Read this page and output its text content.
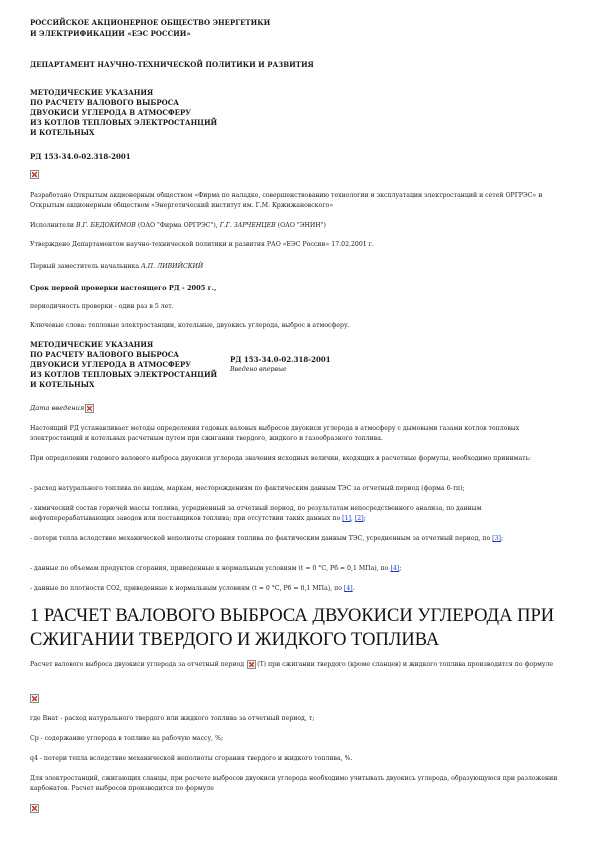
РОССИЙСКОЕ АКЦИОНЕРНОЕ ОБЩЕСТВО ЭНЕРГЕТИКИ
И ЭЛЕКТРИФИКАЦИИ «ЕЭС РОССИИ»
ДЕПАРТАМЕНТ НАУЧНО-ТЕХНИЧЕСКОЙ ПОЛИТИКИ И РАЗВИТИЯ
МЕТОДИЧЕСКИЕ УКАЗАНИЯ
ПО РАСЧЕТУ ВАЛОВОГО ВЫБРОСА
ДВУОКИСИ УГЛЕРОДА В АТМОСФЕРУ
ИЗ КОТЛОВ ТЕПЛОВЫХ ЭЛЕКТРОСТАНЦИЙ
И КОТЕЛЬНЫХ
РД 153-34.0-02.318-2001
Разработано Открытым акционерным обществом «Фирма по наладке, совершенствованию технологии и эксплуатации электростанций и сетей ОРГРЭС» и Открытым акционерным обществом «Энергетический институт им. Г.М. Кржижановского»
Исполнители В.Г. БЕДОКИМОВ (ОАО "Фирма ОРГРЭС"), Г.Г. ЗАРЧЕНЦЕВ (ОАО "ЭНИН")
Утверждено Департаментом научно-технической политики и развития РАО «ЕЭС России» 17.02.2001 г.
Первый заместитель начальника А.П. ЛИВИЙСКИЙ
Срок первой проверки настоящего РД - 2005 г.,
периодичность проверки - один раз в 5 лет.
Ключевые слова: тепловые электростанции, котельные, двуокись углерода, выброс в атмосферу.
МЕТОДИЧЕСКИЕ УКАЗАНИЯ
ПО РАСЧЕТУ ВАЛОВОГО ВЫБРОСА
ДВУОКИСИ УГЛЕРОДА В АТМОСФЕРУ
ИЗ КОТЛОВ ТЕПЛОВЫХ ЭЛЕКТРОСТАНЦИЙ
И КОТЕЛЬНЫХ
РД 153-34.0-02.318-2001
Введено впервые
Дата введения
Настоящий РД устанавливает методы определения годовых валовых выбросов двуокиси углерода в атмосферу с дымовыми газами котлов тепловых электростанций и котельных расчетным путем при сжигании твердого, жидкого и газообразного топлива.
При определении годового валового выброса двуокиси углерода значения исходных величин, входящих в расчетные формулы, необходимо принимать:
- расход натурального топлива по видам, маркам, месторождениям по фактическим данным ТЭС за отчетный период (форма 6-тп);
- химический состав горючей массы топлива, усредненный за отчетный период, по результатам непосредственного анализа, по данным нефтеперерабатывающих заводов или поставщиков топлива; при отсутствии таких данных по [1], [2];
- потери тепла вследствие механической неполноты сгорания топлива по фактическим данным ТЭС, усредненным за отчетный период, по [3];
- данные по объемам продуктов сгорания, приведенные к нормальным условиям (t = 0 °С, Рб = 0,1 МПа), по [4];
- данные по плотности СО2, приведенные к нормальным условиям (t = 0 °С, Рб = 0,1 МПа), по [4].
1 РАСЧЕТ ВАЛОВОГО ВЫБРОСА ДВУОКИСИ УГЛЕРОДА ПРИ СЖИГАНИИ ТВЕРДОГО И ЖИДКОГО ТОПЛИВА
Расчет валового выброса двуокиси углерода за отчетный период (Т) при сжигании твердого (кроме сланцев) и жидкого топлива производится по формуле
где Внат - расход натурального твердого или жидкого топлива за отчетный период, т;
Ср - содержание углерода в топливе на рабочую массу, %;
q4 - потери тепла вследствие механической неполноты сгорания твердого и жидкого топлива, %.
Для электростанций, сжигающих сланцы, при расчете выбросов двуокиси углерода необходимо учитывать двуокись углерода, образующуюся при разложении карбонатов. Расчет выбросов производится по формуле
